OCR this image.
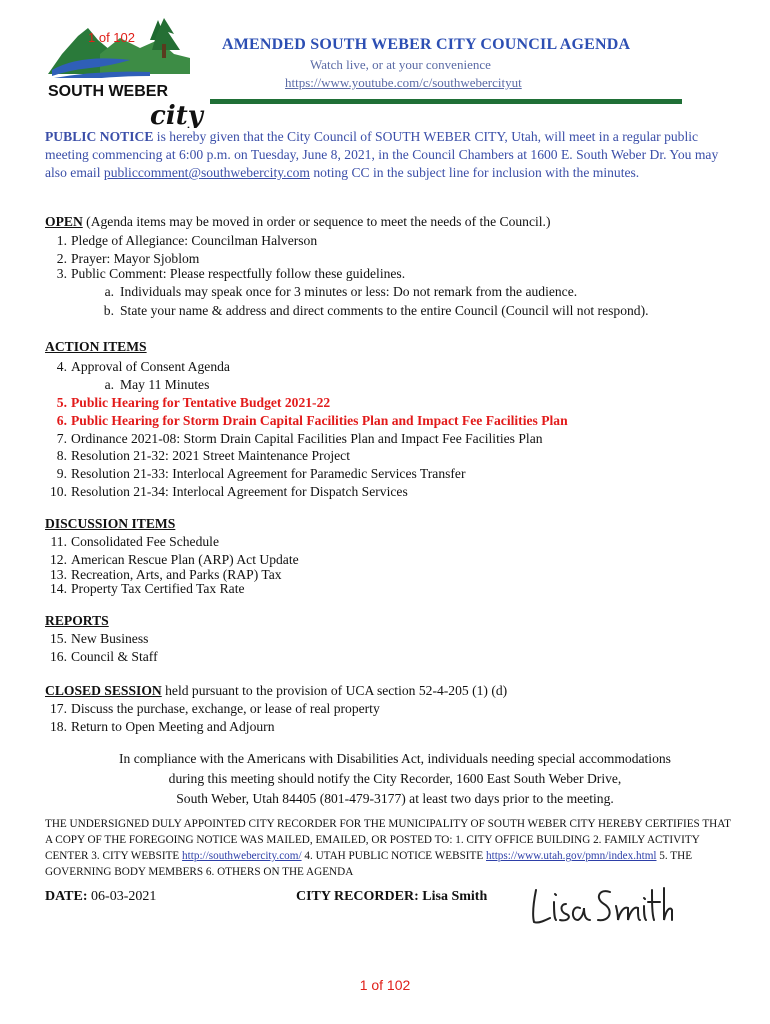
SOUTH WEBER
city
1 of 102	AMENDED SOUTH WEBER CITY COUNCIL AGENDA
Watch live, or at your convenience
https://www.youtube.com/c/southwebercityut
PUBLIC NOTICE is hereby given that the City Council of SOUTH WEBER CITY, Utah, will meet in a regular public meeting commencing at 6:00 p.m. on Tuesday, June 8, 2021, in the Council Chambers at 1600 E. South Weber Dr. You may also email publiccomment@southwebercity.com noting CC in the subject line for inclusion with the minutes.
OPEN (Agenda items may be moved in order or sequence to meet the needs of the Council.)
1. Pledge of Allegiance: Councilman Halverson
2. Prayer: Mayor Sjoblom
3. Public Comment: Please respectfully follow these guidelines.
a. Individuals may speak once for 3 minutes or less: Do not remark from the audience.
b. State your name & address and direct comments to the entire Council (Council will not respond).
ACTION ITEMS
4. Approval of Consent Agenda
a. May 11 Minutes
5. Public Hearing for Tentative Budget 2021-22
6. Public Hearing for Storm Drain Capital Facilities Plan and Impact Fee Facilities Plan
7. Ordinance 2021-08: Storm Drain Capital Facilities Plan and Impact Fee Facilities Plan
8. Resolution 21-32: 2021 Street Maintenance Project
9. Resolution 21-33: Interlocal Agreement for Paramedic Services Transfer
10. Resolution 21-34: Interlocal Agreement for Dispatch Services
DISCUSSION ITEMS
11. Consolidated Fee Schedule
12. American Rescue Plan (ARP) Act Update
13. Recreation, Arts, and Parks (RAP) Tax
14. Property Tax Certified Tax Rate
REPORTS
15. New Business
16. Council & Staff
CLOSED SESSION held pursuant to the provision of UCA section 52-4-205 (1) (d)
17. Discuss the purchase, exchange, or lease of real property
18. Return to Open Meeting and Adjourn
In compliance with the Americans with Disabilities Act, individuals needing special accommodations
during this meeting should notify the City Recorder, 1600 East South Weber Drive,
South Weber, Utah 84405 (801-479-3177) at least two days prior to the meeting.
THE UNDERSIGNED DULY APPOINTED CITY RECORDER FOR THE MUNICIPALITY OF SOUTH WEBER CITY HEREBY CERTIFIES THAT A COPY OF THE FOREGOING NOTICE WAS MAILED, EMAILED, OR POSTED TO: 1. CITY OFFICE BUILDING 2. FAMILY ACTIVITY CENTER 3. CITY WEBSITE http://southwebercity.com/ 4. UTAH PUBLIC NOTICE WEBSITE https://www.utah.gov/pmn/index.html 5. THE GOVERNING BODY MEMBERS 6. OTHERS ON THE AGENDA
DATE: 06-03-2021	CITY RECORDER: Lisa Smith
1 of 102
